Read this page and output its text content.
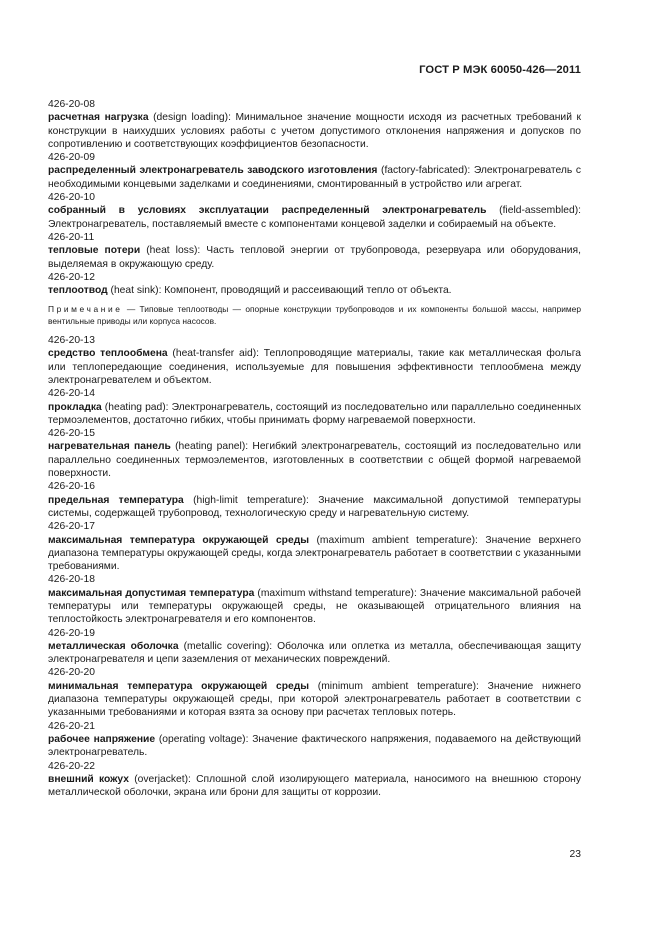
ГОСТ Р МЭК 60050-426—2011
426-20-08
расчетная нагрузка (design loading): Минимальное значение мощности исходя из расчетных требований к конструкции в наихудших условиях работы с учетом допустимого отклонения напряжения и допусков по сопротивлению и соответствующих коэффициентов безопасности.
426-20-09
распределенный электронагреватель заводского изготовления (factory-fabricated): Электронагреватель с необходимыми концевыми заделками и соединениями, смонтированный в устройство или агрегат.
426-20-10
собранный в условиях эксплуатации распределенный электронагреватель (field-assembled): Электронагреватель, поставляемый вместе с компонентами концевой заделки и собираемый на объекте.
426-20-11
тепловые потери (heat loss): Часть тепловой энергии от трубопровода, резервуара или оборудования, выделяемая в окружающую среду.
426-20-12
теплоотвод (heat sink): Компонент, проводящий и рассеивающий тепло от объекта.
Примечание — Типовые теплоотводы — опорные конструкции трубопроводов и их компоненты большой массы, например вентильные приводы или корпуса насосов.
426-20-13
средство теплообмена (heat-transfer aid): Теплопроводящие материалы, такие как металлическая фольга или теплопередающие соединения, используемые для повышения эффективности теплообмена между электронагревателем и объектом.
426-20-14
прокладка (heating pad): Электронагреватель, состоящий из последовательно или параллельно соединенных термоэлементов, достаточно гибких, чтобы принимать форму нагреваемой поверхности.
426-20-15
нагревательная панель (heating panel): Негибкий электронагреватель, состоящий из последовательно или параллельно соединенных термоэлементов, изготовленных в соответствии с общей формой нагреваемой поверхности.
426-20-16
предельная температура (high-limit temperature): Значение максимальной допустимой температуры системы, содержащей трубопровод, технологическую среду и нагревательную систему.
426-20-17
максимальная температура окружающей среды (maximum ambient temperature): Значение верхнего диапазона температуры окружающей среды, когда электронагреватель работает в соответствии с указанными требованиями.
426-20-18
максимальная допустимая температура (maximum withstand temperature): Значение максимальной рабочей температуры или температуры окружающей среды, не оказывающей отрицательного влияния на теплостойкость электронагревателя и его компонентов.
426-20-19
металлическая оболочка (metallic covering): Оболочка или оплетка из металла, обеспечивающая защиту электронагревателя и цепи заземления от механических повреждений.
426-20-20
минимальная температура окружающей среды (minimum ambient temperature): Значение нижнего диапазона температуры окружающей среды, при которой электронагреватель работает в соответствии с указанными требованиями и которая взята за основу при расчетах тепловых потерь.
426-20-21
рабочее напряжение (operating voltage): Значение фактического напряжения, подаваемого на действующий электронагреватель.
426-20-22
внешний кожух (overjacket): Сплошной слой изолирующего материала, наносимого на внешнюю сторону металлической оболочки, экрана или брони для защиты от коррозии.
23
